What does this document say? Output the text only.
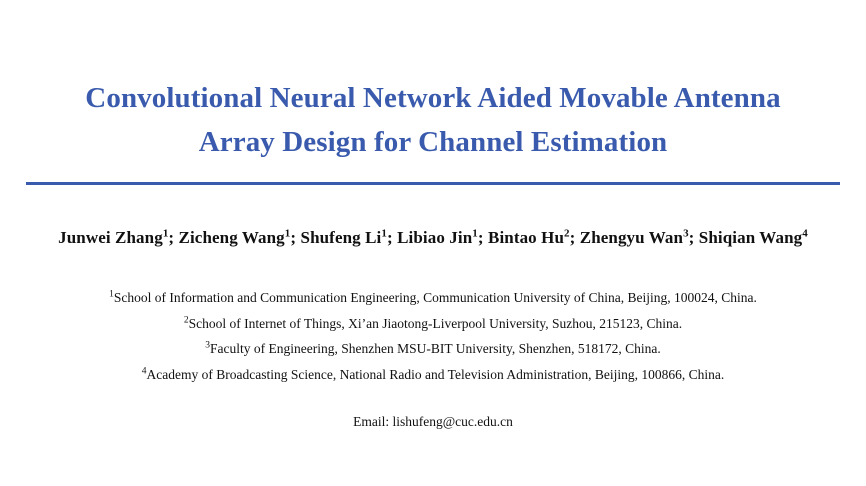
Convolutional Neural Network Aided Movable Antenna
Array Design for Channel Estimation
Junwei Zhang$^1$; Zicheng Wang$^1$; Shufeng Li$^1$; Libiao Jin$^1$; Bintao Hu$^2$; Zhengyu Wan$^3$; Shiqian Wang$^4$
$^1$School of Information and Communication Engineering, Communication University of China, Beijing, 100024, China.
$^2$School of Internet of Things, Xi’an Jiaotong-Liverpool University, Suzhou, 215123, China.
$^3$Faculty of Engineering, Shenzhen MSU-BIT University, Shenzhen, 518172, China.
$^4$Academy of Broadcasting Science, National Radio and Television Administration, Beijing, 100866, China.
Email: lishufeng@cuc.edu.cn
